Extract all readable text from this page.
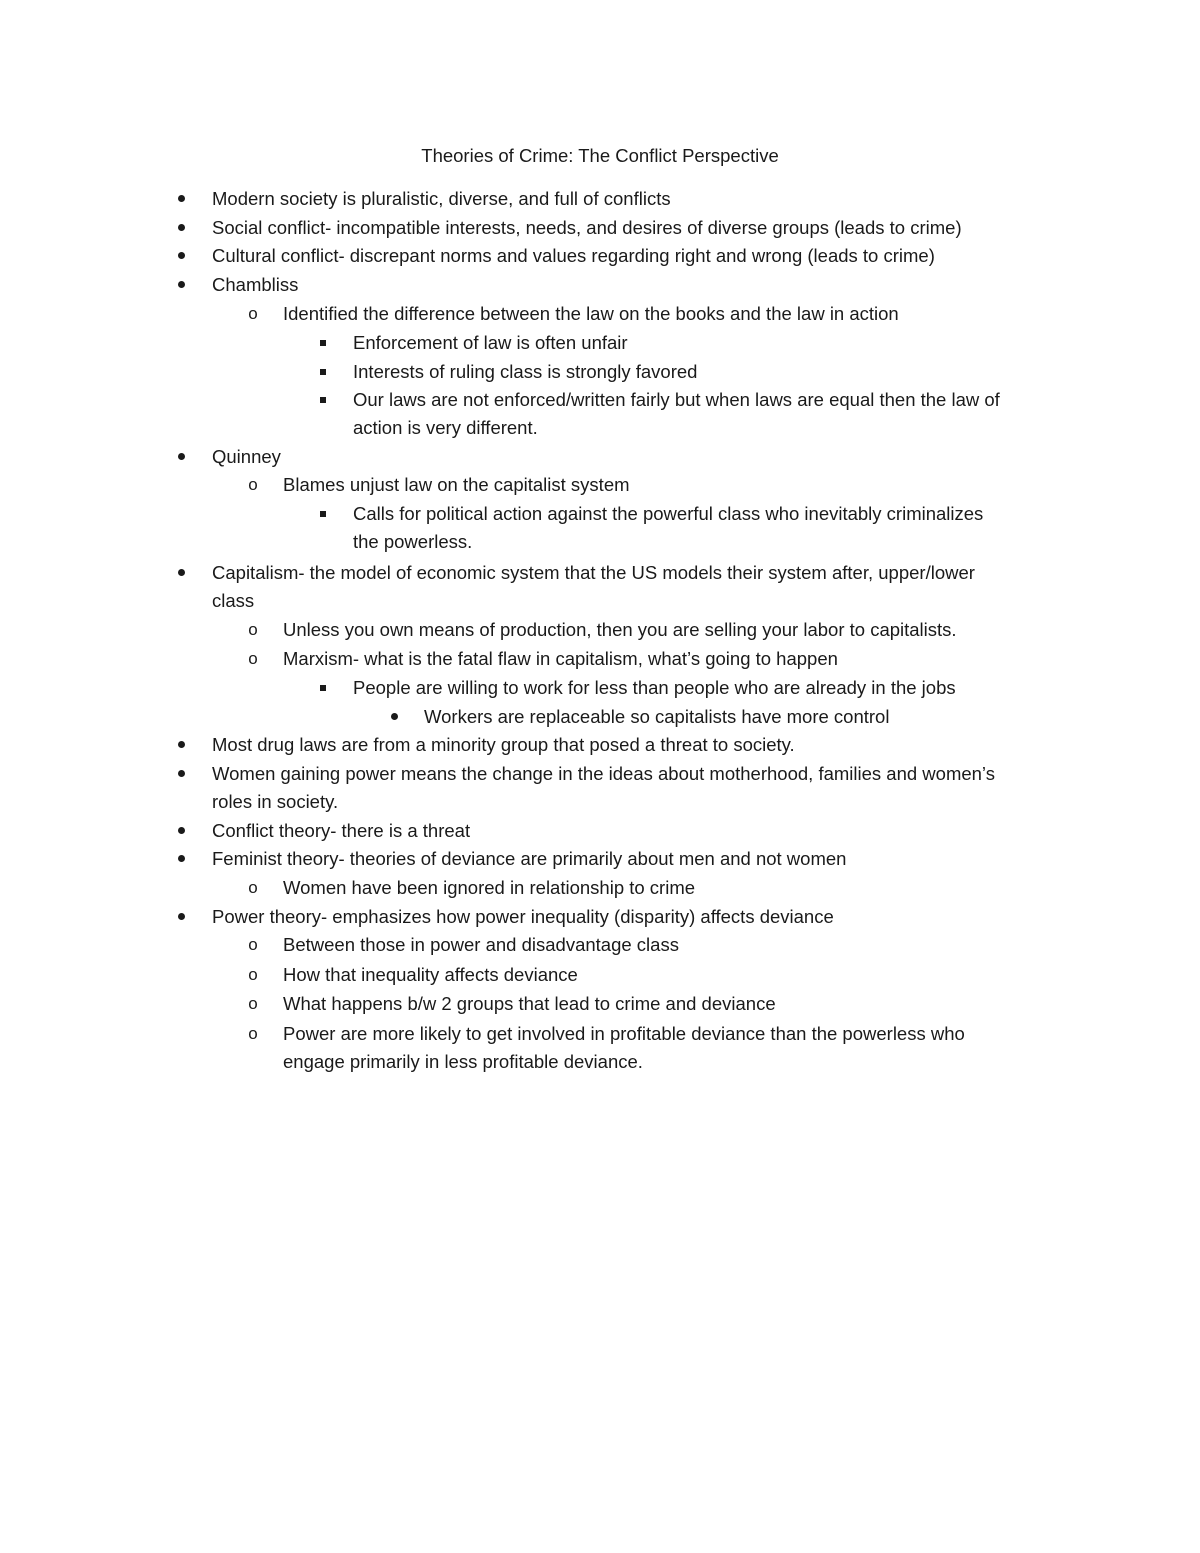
Theories of Crime: The Conflict Perspective
Modern society is pluralistic, diverse, and full of conflicts
Social conflict- incompatible interests, needs, and desires of diverse groups (leads to crime)
Cultural conflict- discrepant norms and values regarding right and wrong (leads to crime)
Chambliss
o
Identified the difference between the law on the books and the law in action
Enforcement of law is often unfair
Interests of ruling class is strongly favored
Our laws are not enforced/written fairly but when laws are equal then the law of
action is very different.
Quinney
o
Blames unjust law on the capitalist system
Calls for political action against the powerful class who inevitably criminalizes
the powerless.
Capitalism- the model of economic system that the US models their system after, upper/lower
class
o
Unless you own means of production, then you are selling your labor to capitalists.
o
Marxism- what is the fatal flaw in capitalism, what’s going to happen
People are willing to work for less than people who are already in the jobs
Workers are replaceable so capitalists have more control
Most drug laws are from a minority group that posed a threat to society.
Women gaining power means the change in the ideas about motherhood, families and women’s
roles in society.
Conflict theory- there is a threat
Feminist theory- theories of deviance are primarily about men and not women
o
Women have been ignored in relationship to crime
Power theory- emphasizes how power inequality (disparity) affects deviance
o
Between those in power and disadvantage class
o
How that inequality affects deviance
o
What happens b/w 2 groups that lead to crime and deviance
o
Power are more likely to get involved in profitable deviance than the powerless who
engage primarily in less profitable deviance.
